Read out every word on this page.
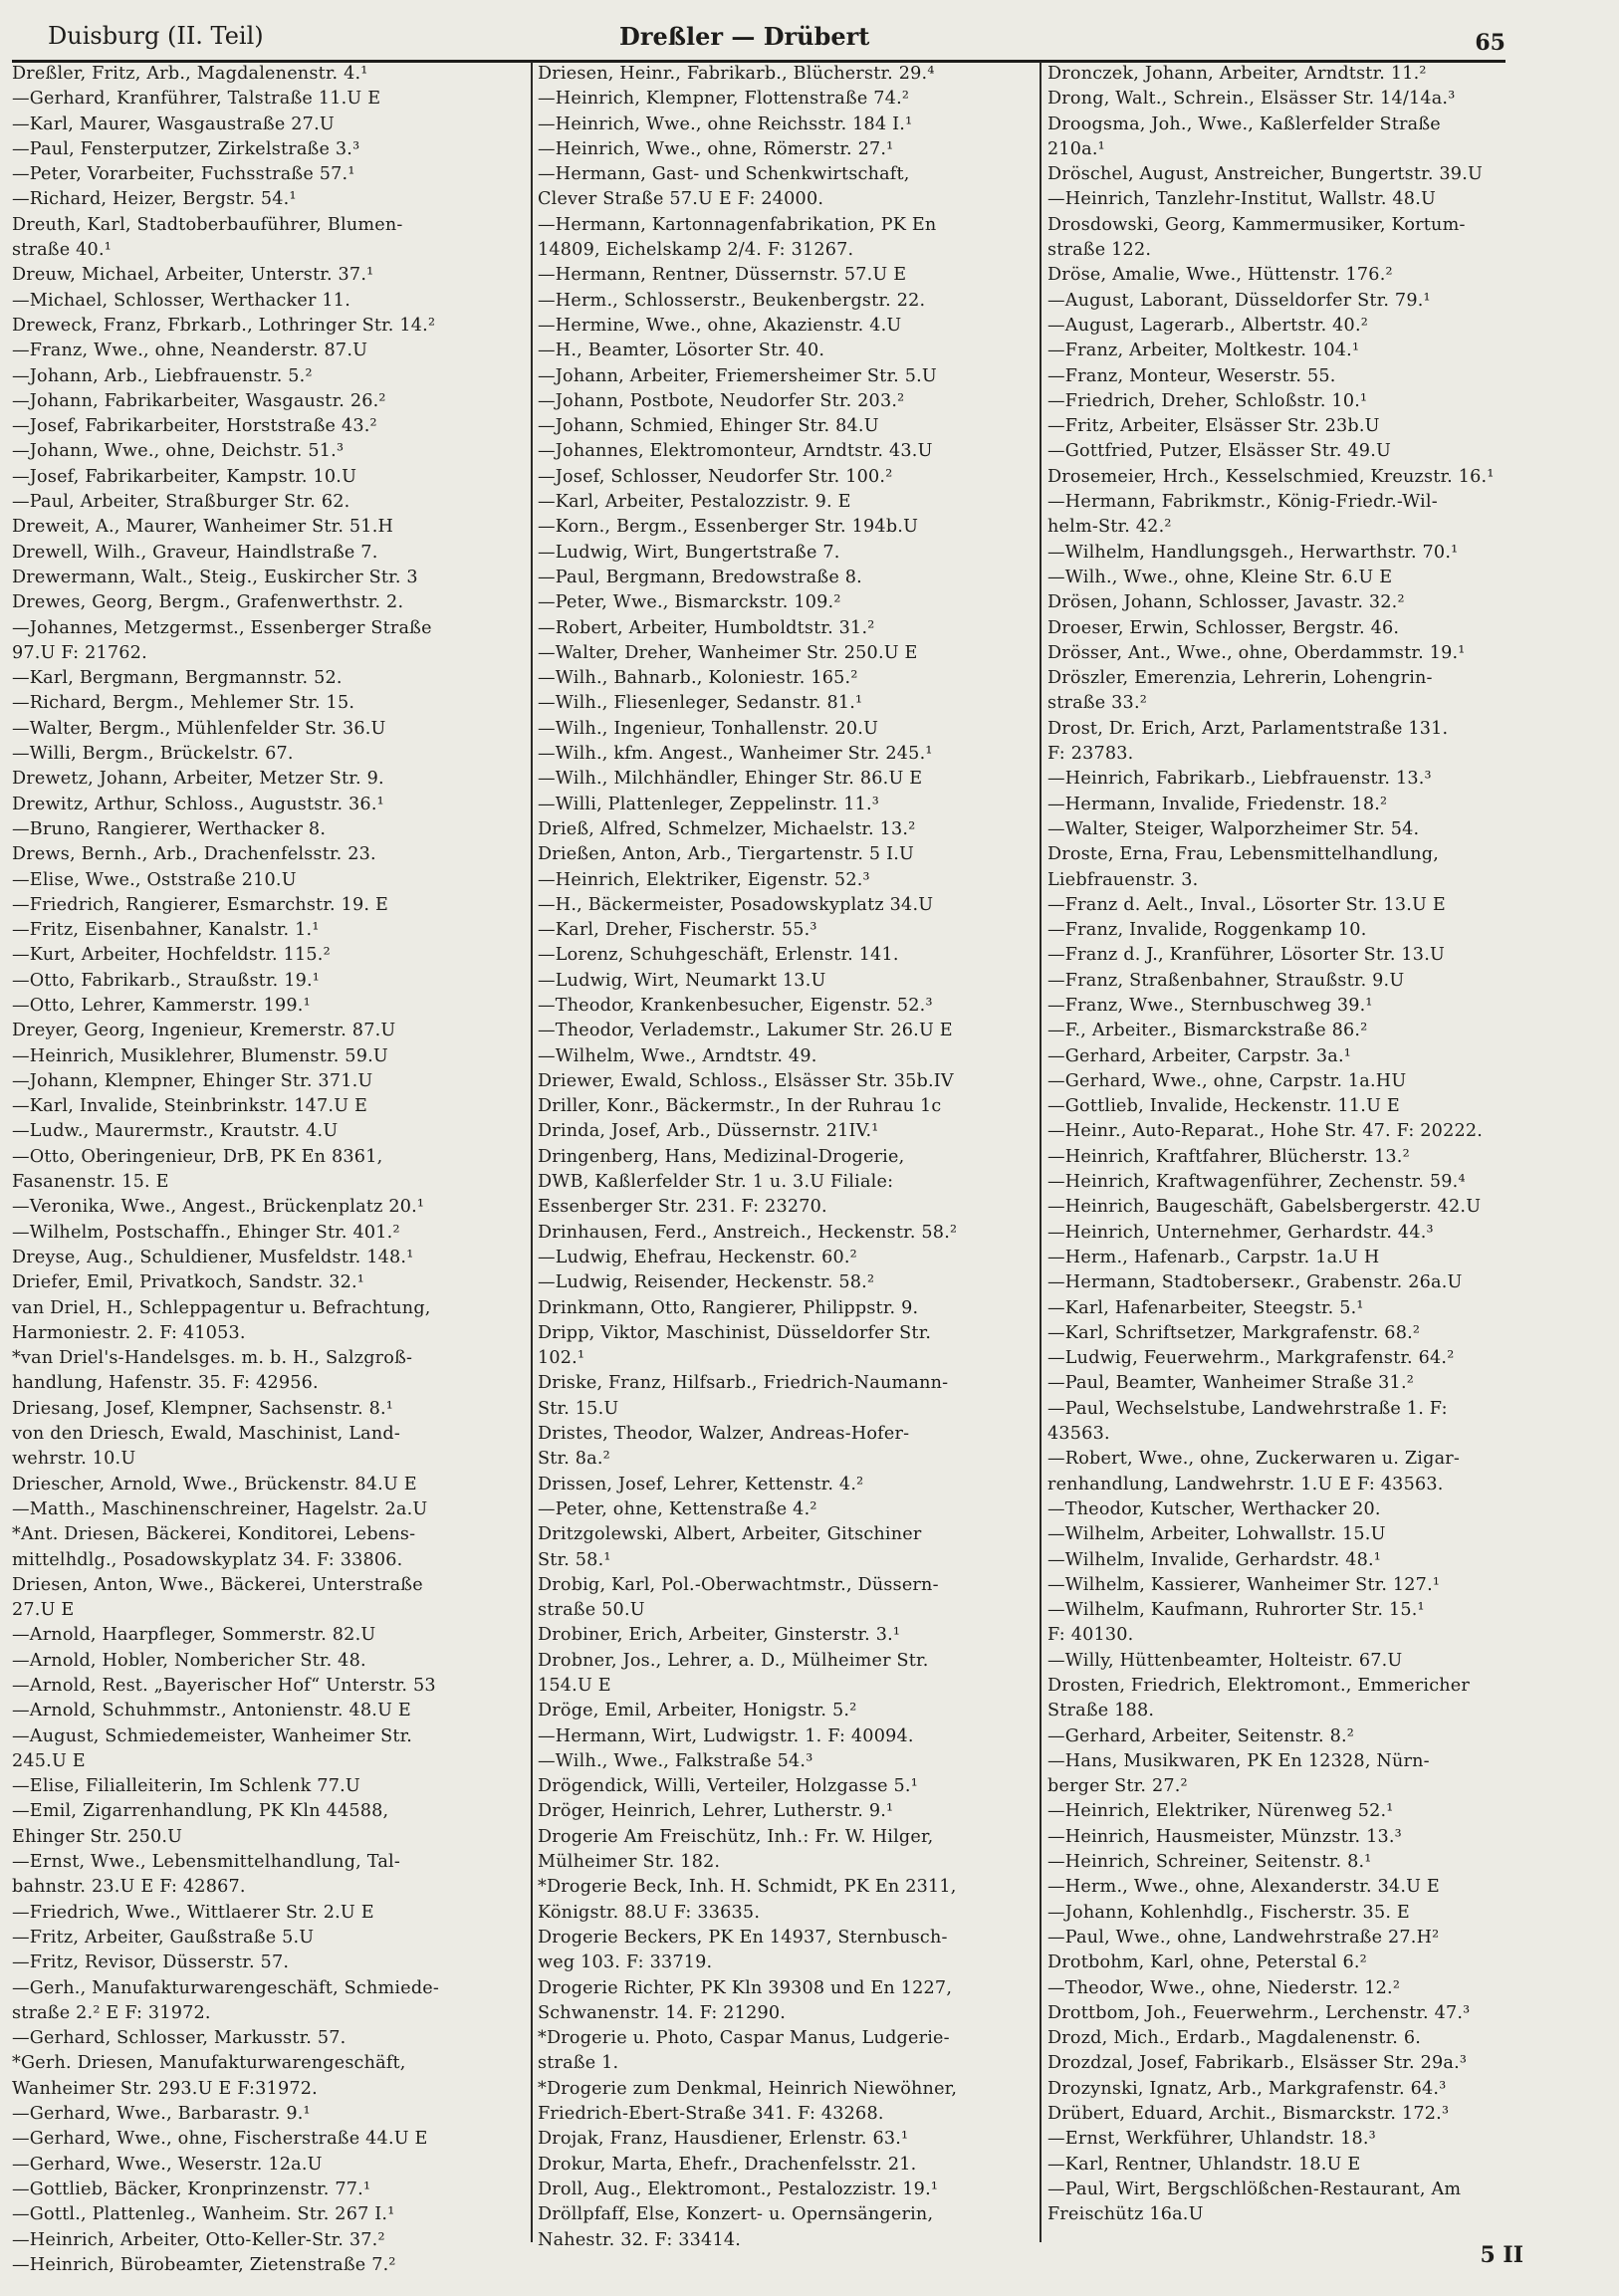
Duisburg (II. Teil)	Dreßler — Drübert	65
Dreßler, Fritz, Arb., Magdalenenstr. 4.¹
—Gerhard, Kranführer, Talstraße 11.U E
—Karl, Maurer, Wasgaustraße 27.U
—Paul, Fensterputzer, Zirkelstraße 3.³
—Peter, Vorarbeiter, Fuchsstraße 57.¹
—Richard, Heizer, Bergstr. 54.¹
Dreuth, Karl, Stadtoberbauführer, Blumen-
straße 40.¹
Dreuw, Michael, Arbeiter, Unterstr. 37.¹
—Michael, Schlosser, Werthacker 11.
Dreweck, Franz, Fbrkarb., Lothringer Str. 14.²
—Franz, Wwe., ohne, Neanderstr. 87.U
—Johann, Arb., Liebfrauenstr. 5.²
—Johann, Fabrikarbeiter, Wasgaustr. 26.²
—Josef, Fabrikarbeiter, Horststraße 43.²
—Johann, Wwe., ohne, Deichstr. 51.³
—Josef, Fabrikarbeiter, Kampstr. 10.U
—Paul, Arbeiter, Straßburger Str. 62.
Dreweit, A., Maurer, Wanheimer Str. 51.H
Drewell, Wilh., Graveur, Haindlstraße 7.
Drewermann, Walt., Steig., Euskircher Str. 3
Drewes, Georg, Bergm., Grafenwerthstr. 2.
—Johannes, Metzgermst., Essenberger Straße
97.U F: 21762.
—Karl, Bergmann, Bergmannstr. 52.
—Richard, Bergm., Mehlemer Str. 15.
—Walter, Bergm., Mühlenfelder Str. 36.U
—Willi, Bergm., Brückelstr. 67.
Drewetz, Johann, Arbeiter, Metzer Str. 9.
Drewitz, Arthur, Schloss., Auguststr. 36.¹
—Bruno, Rangierer, Werthacker 8.
Drews, Bernh., Arb., Drachenfelsstr. 23.
—Elise, Wwe., Oststraße 210.U
—Friedrich, Rangierer, Esmarchstr. 19. E
—Fritz, Eisenbahner, Kanalstr. 1.¹
—Kurt, Arbeiter, Hochfeldstr. 115.²
—Otto, Fabrikarb., Straußstr. 19.¹
—Otto, Lehrer, Kammerstr. 199.¹
Dreyer, Georg, Ingenieur, Kremerstr. 87.U
—Heinrich, Musiklehrer, Blumenstr. 59.U
—Johann, Klempner, Ehinger Str. 371.U
—Karl, Invalide, Steinbrinkstr. 147.U E
—Ludw., Maurermstr., Krautstr. 4.U
—Otto, Oberingenieur, DrB, PK En 8361,
Fasanenstr. 15. E
—Veronika, Wwe., Angest., Brückenplatz 20.¹
—Wilhelm, Postschaffn., Ehinger Str. 401.²
Dreyse, Aug., Schuldiener, Musfeldstr. 148.¹
Driefer, Emil, Privatkoch, Sandstr. 32.¹
van Driel, H., Schleppagentur u. Befrachtung,
Harmoniestr. 2. F: 41053.
*van Driel's-Handelsges. m. b. H., Salzgroß-
handlung, Hafenstr. 35. F: 42956.
Driesang, Josef, Klempner, Sachsenstr. 8.¹
von den Driesch, Ewald, Maschinist, Land-
wehrstr. 10.U
Driescher, Arnold, Wwe., Brückenstr. 84.U E
—Matth., Maschinenschreiner, Hagelstr. 2a.U
*Ant. Driesen, Bäckerei, Konditorei, Lebens-
mittelhdlg., Posadowskyplatz 34. F: 33806.
Driesen, Anton, Wwe., Bäckerei, Unterstraße
27.U E
—Arnold, Haarpfleger, Sommerstr. 82.U
—Arnold, Hobler, Nombericher Str. 48.
—Arnold, Rest. „Bayerischer Hof“ Unterstr. 53
—Arnold, Schuhmmstr., Antonienstr. 48.U E
—August, Schmiedemeister, Wanheimer Str.
245.U E
—Elise, Filialleiterin, Im Schlenk 77.U
—Emil, Zigarrenhandlung, PK Kln 44588,
Ehinger Str. 250.U
—Ernst, Wwe., Lebensmittelhandlung, Tal-
bahnstr. 23.U E F: 42867.
—Friedrich, Wwe., Wittlaerer Str. 2.U E
—Fritz, Arbeiter, Gaußstraße 5.U
—Fritz, Revisor, Düsserstr. 57.
—Gerh., Manufakturwarengeschäft, Schmiede-
straße 2.² E F: 31972.
—Gerhard, Schlosser, Markusstr. 57.
*Gerh. Driesen, Manufakturwarengeschäft,
Wanheimer Str. 293.U E F:31972.
—Gerhard, Wwe., Barbarastr. 9.¹
—Gerhard, Wwe., ohne, Fischerstraße 44.U E
—Gerhard, Wwe., Weserstr. 12a.U
—Gottlieb, Bäcker, Kronprinzenstr. 77.¹
—Gottl., Plattenleg., Wanheim. Str. 267 I.¹
—Heinrich, Arbeiter, Otto-Keller-Str. 37.²
—Heinrich, Bürobeamter, Zietenstraße 7.²
Driesen, Heinr., Fabrikarb., Blücherstr. 29.⁴
—Heinrich, Klempner, Flottenstraße 74.²
—Heinrich, Wwe., ohne Reichsstr. 184 I.¹
—Heinrich, Wwe., ohne, Römerstr. 27.¹
—Hermann, Gast- und Schenkwirtschaft,
Clever Straße 57.U E F: 24000.
—Hermann, Kartonnagenfabrikation, PK En
14809, Eichelskamp 2/4. F: 31267.
—Hermann, Rentner, Düssernstr. 57.U E
—Herm., Schlosserstr., Beukenbergstr. 22.
—Hermine, Wwe., ohne, Akazienstr. 4.U
—H., Beamter, Lösorter Str. 40.
—Johann, Arbeiter, Friemersheimer Str. 5.U
—Johann, Postbote, Neudorfer Str. 203.²
—Johann, Schmied, Ehinger Str. 84.U
—Johannes, Elektromonteur, Arndtstr. 43.U
—Josef, Schlosser, Neudorfer Str. 100.²
—Karl, Arbeiter, Pestalozzistr. 9. E
—Korn., Bergm., Essenberger Str. 194b.U
—Ludwig, Wirt, Bungertstraße 7.
—Paul, Bergmann, Bredowstraße 8.
—Peter, Wwe., Bismarckstr. 109.²
—Robert, Arbeiter, Humboldtstr. 31.²
—Walter, Dreher, Wanheimer Str. 250.U E
—Wilh., Bahnarb., Koloniestr. 165.²
—Wilh., Fliesenleger, Sedanstr. 81.¹
—Wilh., Ingenieur, Tonhallenstr. 20.U
—Wilh., kfm. Angest., Wanheimer Str. 245.¹
—Wilh., Milchhändler, Ehinger Str. 86.U E
—Willi, Plattenleger, Zeppelinstr. 11.³
Drieß, Alfred, Schmelzer, Michaelstr. 13.²
Drießen, Anton, Arb., Tiergartenstr. 5 I.U
—Heinrich, Elektriker, Eigenstr. 52.³
—H., Bäckermeister, Posadowskyplatz 34.U
—Karl, Dreher, Fischerstr. 55.³
—Lorenz, Schuhgeschäft, Erlenstr. 141.
—Ludwig, Wirt, Neumarkt 13.U
—Theodor, Krankenbesucher, Eigenstr. 52.³
—Theodor, Verlademstr., Lakumer Str. 26.U E
—Wilhelm, Wwe., Arndtstr. 49.
Driewer, Ewald, Schloss., Elsässer Str. 35b.IV
Driller, Konr., Bäckermstr., In der Ruhrau 1c
Drinda, Josef, Arb., Düssernstr. 21IV.¹
Dringenberg, Hans, Medizinal-Drogerie,
DWB, Kaßlerfelder Str. 1 u. 3.U Filiale:
Essenberger Str. 231. F: 23270.
Drinhausen, Ferd., Anstreich., Heckenstr. 58.²
—Ludwig, Ehefrau, Heckenstr. 60.²
—Ludwig, Reisender, Heckenstr. 58.²
Drinkmann, Otto, Rangierer, Philippstr. 9.
Dripp, Viktor, Maschinist, Düsseldorfer Str.
102.¹
Driske, Franz, Hilfsarb., Friedrich-Naumann-
Str. 15.U
Dristes, Theodor, Walzer, Andreas-Hofer-
Str. 8a.²
Drissen, Josef, Lehrer, Kettenstr. 4.²
—Peter, ohne, Kettenstraße 4.²
Dritzgolewski, Albert, Arbeiter, Gitschiner
Str. 58.¹
Drobig, Karl, Pol.-Oberwachtmstr., Düssern-
straße 50.U
Drobiner, Erich, Arbeiter, Ginsterstr. 3.¹
Drobner, Jos., Lehrer, a. D., Mülheimer Str.
154.U E
Dröge, Emil, Arbeiter, Honigstr. 5.²
—Hermann, Wirt, Ludwigstr. 1. F: 40094.
—Wilh., Wwe., Falkstraße 54.³
Drögendick, Willi, Verteiler, Holzgasse 5.¹
Dröger, Heinrich, Lehrer, Lutherstr. 9.¹
Drogerie Am Freischütz, Inh.: Fr. W. Hilger,
Mülheimer Str. 182.
*Drogerie Beck, Inh. H. Schmidt, PK En 2311,
Königstr. 88.U F: 33635.
Drogerie Beckers, PK En 14937, Sternbusch-
weg 103. F: 33719.
Drogerie Richter, PK Kln 39308 und En 1227,
Schwanenstr. 14. F: 21290.
*Drogerie u. Photo, Caspar Manus, Ludgerie-
straße 1.
*Drogerie zum Denkmal, Heinrich Niewöhner,
Friedrich-Ebert-Straße 341. F: 43268.
Drojak, Franz, Hausdiener, Erlenstr. 63.¹
Drokur, Marta, Ehefr., Drachenfelsstr. 21.
Droll, Aug., Elektromont., Pestalozzistr. 19.¹
Dröllpfaff, Else, Konzert- u. Opernsängerin,
Nahestr. 32. F: 33414.
Dronczek, Johann, Arbeiter, Arndtstr. 11.²
Drong, Walt., Schrein., Elsässer Str. 14/14a.³
Droogsma, Joh., Wwe., Kaßlerfelder Straße
210a.¹
Dröschel, August, Anstreicher, Bungertstr. 39.U
—Heinrich, Tanzlehr-Institut, Wallstr. 48.U
Drosdowski, Georg, Kammermusiker, Kortum-
straße 122.
Dröse, Amalie, Wwe., Hüttenstr. 176.²
—August, Laborant, Düsseldorfer Str. 79.¹
—August, Lagerarb., Albertstr. 40.²
—Franz, Arbeiter, Moltkestr. 104.¹
—Franz, Monteur, Weserstr. 55.
—Friedrich, Dreher, Schloßstr. 10.¹
—Fritz, Arbeiter, Elsässer Str. 23b.U
—Gottfried, Putzer, Elsässer Str. 49.U
Drosemeier, Hrch., Kesselschmied, Kreuzstr. 16.¹
—Hermann, Fabrikmstr., König-Friedr.-Wil-
helm-Str. 42.²
—Wilhelm, Handlungsgeh., Herwarthstr. 70.¹
—Wilh., Wwe., ohne, Kleine Str. 6.U E
Drösen, Johann, Schlosser, Javastr. 32.²
Droeser, Erwin, Schlosser, Bergstr. 46.
Drösser, Ant., Wwe., ohne, Oberdammstr. 19.¹
Dröszler, Emerenzia, Lehrerin, Lohengrin-
straße 33.²
Drost, Dr. Erich, Arzt, Parlamentstraße 131.
F: 23783.
—Heinrich, Fabrikarb., Liebfrauenstr. 13.³
—Hermann, Invalide, Friedenstr. 18.²
—Walter, Steiger, Walporzheimer Str. 54.
Droste, Erna, Frau, Lebensmittelhandlung,
Liebfrauenstr. 3.
—Franz d. Aelt., Inval., Lösorter Str. 13.U E
—Franz, Invalide, Roggenkamp 10.
—Franz d. J., Kranführer, Lösorter Str. 13.U
—Franz, Straßenbahner, Straußstr. 9.U
—Franz, Wwe., Sternbuschweg 39.¹
—F., Arbeiter., Bismarckstraße 86.²
—Gerhard, Arbeiter, Carpstr. 3a.¹
—Gerhard, Wwe., ohne, Carpstr. 1a.HU
—Gottlieb, Invalide, Heckenstr. 11.U E
—Heinr., Auto-Reparat., Hohe Str. 47. F: 20222.
—Heinrich, Kraftfahrer, Blücherstr. 13.²
—Heinrich, Kraftwagenführer, Zechenstr. 59.⁴
—Heinrich, Baugeschäft, Gabelsbergerstr. 42.U
—Heinrich, Unternehmer, Gerhardstr. 44.³
—Herm., Hafenarb., Carpstr. 1a.U H
—Hermann, Stadtoberseкr., Grabenstr. 26a.U
—Karl, Hafenarbeiter, Steegstr. 5.¹
—Karl, Schriftsetzer, Markgrafenstr. 68.²
—Ludwig, Feuerwehrm., Markgrafenstr. 64.²
—Paul, Beamter, Wanheimer Straße 31.²
—Paul, Wechselstube, Landwehrstraße 1. F:
43563.
—Robert, Wwe., ohne, Zuckerwaren u. Zigar-
renhandlung, Landwehrstr. 1.U E F: 43563.
—Theodor, Kutscher, Werthacker 20.
—Wilhelm, Arbeiter, Lohwallstr. 15.U
—Wilhelm, Invalide, Gerhardstr. 48.¹
—Wilhelm, Kassierer, Wanheimer Str. 127.¹
—Wilhelm, Kaufmann, Ruhrorter Str. 15.¹
F: 40130.
—Willy, Hüttenbeamter, Holteistr. 67.U
Drosten, Friedrich, Elektromont., Emmericher
Straße 188.
—Gerhard, Arbeiter, Seitenstr. 8.²
—Hans, Musikwaren, PK En 12328, Nürn-
berger Str. 27.²
—Heinrich, Elektriker, Nürenweg 52.¹
—Heinrich, Hausmeister, Münzstr. 13.³
—Heinrich, Schreiner, Seitenstr. 8.¹
—Herm., Wwe., ohne, Alexanderstr. 34.U E
—Johann, Kohlenhdlg., Fischerstr. 35. E
—Paul, Wwe., ohne, Landwehrstraße 27.H²
Drotbohm, Karl, ohne, Peterstal 6.²
—Theodor, Wwe., ohne, Niederstr. 12.²
Drottbom, Joh., Feuerwehrm., Lerchenstr. 47.³
Drozd, Mich., Erdarb., Magdalenenstr. 6.
Drozdzal, Josef, Fabrikarb., Elsässer Str. 29a.³
Drozynski, Ignatz, Arb., Markgrafenstr. 64.³
Drübert, Eduard, Archit., Bismarckstr. 172.³
—Ernst, Werkführer, Uhlandstr. 18.³
—Karl, Rentner, Uhlandstr. 18.U E
—Paul, Wirt, Bergschlößchen-Restaurant, Am
Freischütz 16a.U
5 II
